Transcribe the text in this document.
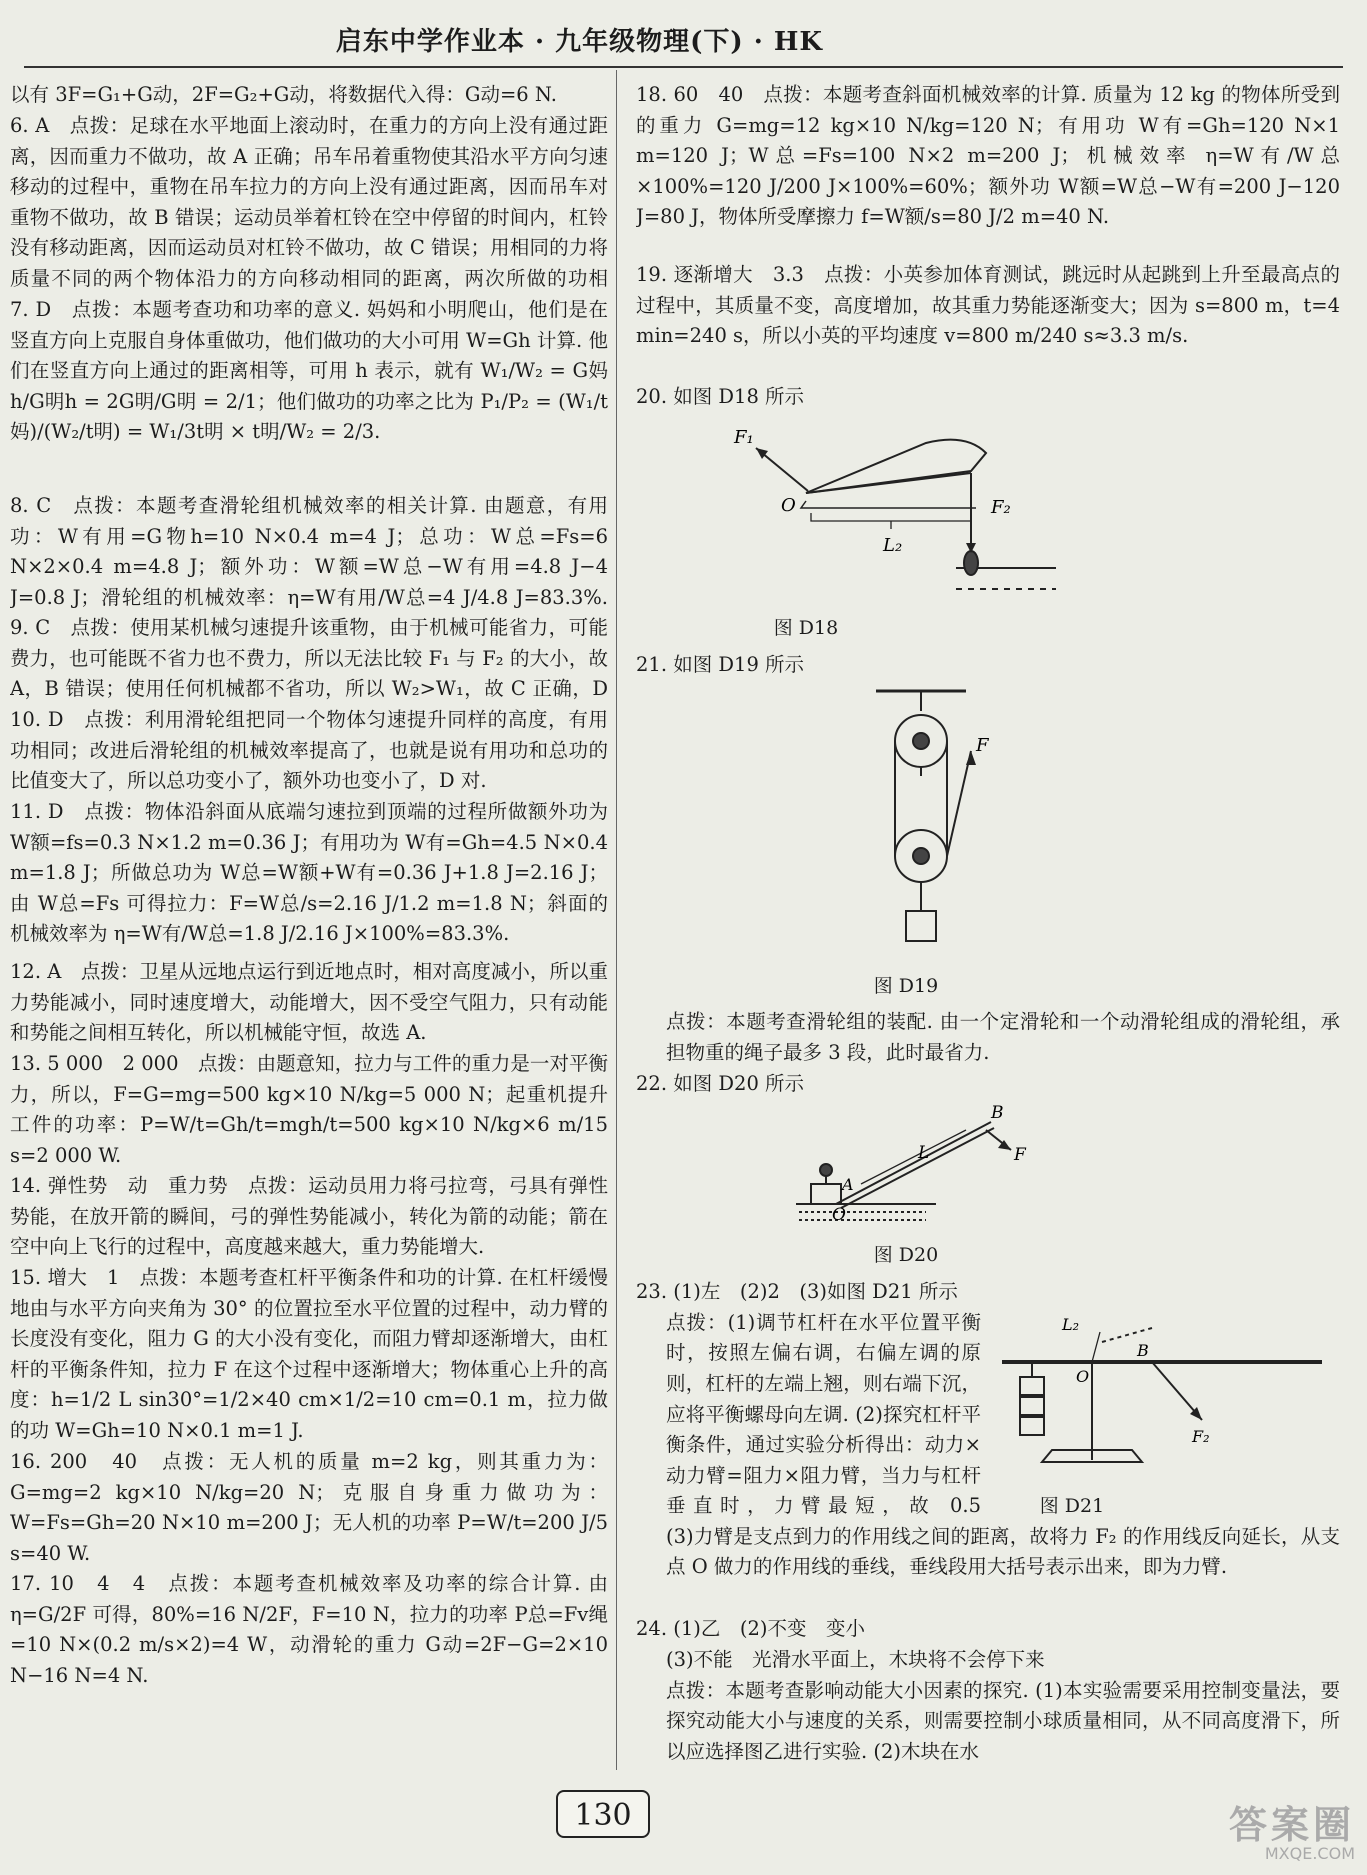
启东中学作业本 · 九年级物理(下) · HK
以有 3F=G₁+G动，2F=G₂+G动，将数据代入得：G动=6 N.
6. A　点拨：足球在水平地面上滚动时，在重力的方向上没有通过距离，因而重力不做功，故 A 正确；吊车吊着重物使其沿水平方向匀速移动的过程中，重物在吊车拉力的方向上没有通过距离，因而吊车对重物不做功，故 B 错误；运动员举着杠铃在空中停留的时间内，杠铃没有移动距离，因而运动员对杠铃不做功，故 C 错误；用相同的力将质量不同的两个物体沿力的方向移动相同的距离，两次所做的功相
7. D　点拨：本题考查功和功率的意义. 妈妈和小明爬山，他们是在竖直方向上克服自身体重做功，他们做功的大小可用 W=Gh 计算. 他们在竖直方向上通过的距离相等，可用 h 表示，就有 W₁/W₂ = G妈h/G明h = 2G明/G明 = 2/1；他们做功的功率之比为 P₁/P₂ = (W₁/t妈)/(W₂/t明) = W₁/3t明 × t明/W₂ = 2/3.
8. C　点拨：本题考查滑轮组机械效率的相关计算. 由题意，有用功：W有用=G物h=10 N×0.4 m=4 J；总功：W总=Fs=6 N×2×0.4 m=4.8 J；额外功：W额=W总−W有用=4.8 J−4 J=0.8 J；滑轮组的机械效率：η=W有用/W总=4 J/4.8 J=83.3%.
9. C　点拨：使用某机械匀速提升该重物，由于机械可能省力，可能费力，也可能既不省力也不费力，所以无法比较 F₁ 与 F₂ 的大小，故 A，B 错误；使用任何机械都不省功，所以 W₂>W₁，故 C 正确，D
10. D　点拨：利用滑轮组把同一个物体匀速提升同样的高度，有用功相同；改进后滑轮组的机械效率提高了，也就是说有用功和总功的比值变大了，所以总功变小了，额外功也变小了，D 对.
11. D　点拨：物体沿斜面从底端匀速拉到顶端的过程所做额外功为 W额=fs=0.3 N×1.2 m=0.36 J；有用功为 W有=Gh=4.5 N×0.4 m=1.8 J；所做总功为 W总=W额+W有=0.36 J+1.8 J=2.16 J；由 W总=Fs 可得拉力：F=W总/s=2.16 J/1.2 m=1.8 N；斜面的机械效率为 η=W有/W总=1.8 J/2.16 J×100%=83.3%.
12. A　点拨：卫星从远地点运行到近地点时，相对高度减小，所以重力势能减小，同时速度增大，动能增大，因不受空气阻力，只有动能和势能之间相互转化，所以机械能守恒，故选 A.
13. 5 000　2 000　点拨：由题意知，拉力与工件的重力是一对平衡力，所以，F=G=mg=500 kg×10 N/kg=5 000 N；起重机提升工件的功率：P=W/t=Gh/t=mgh/t=500 kg×10 N/kg×6 m/15 s=2 000 W.
14. 弹性势　动　重力势　点拨：运动员用力将弓拉弯，弓具有弹性势能，在放开箭的瞬间，弓的弹性势能减小，转化为箭的动能；箭在空中向上飞行的过程中，高度越来越大，重力势能增大.
15. 增大　1　点拨：本题考查杠杆平衡条件和功的计算. 在杠杆缓慢地由与水平方向夹角为 30° 的位置拉至水平位置的过程中，动力臂的长度没有变化，阻力 G 的大小没有变化，而阻力臂却逐渐增大，由杠杆的平衡条件知，拉力 F 在这个过程中逐渐增大；物体重心上升的高度：h=1/2 L sin30°=1/2×40 cm×1/2=10 cm=0.1 m，拉力做的功 W=Gh=10 N×0.1 m=1 J.
16. 200　40　点拨：无人机的质量 m=2 kg，则其重力为：G=mg=2 kg×10 N/kg=20 N；克服自身重力做功为：W=Fs=Gh=20 N×10 m=200 J；无人机的功率 P=W/t=200 J/5 s=40 W.
17. 10　4　4　点拨：本题考查机械效率及功率的综合计算. 由 η=G/2F 可得，80%=16 N/2F，F=10 N，拉力的功率 P总=Fv绳=10 N×(0.2 m/s×2)=4 W，动滑轮的重力 G动=2F−G=2×10 N−16 N=4 N.
18. 60　40　点拨：本题考查斜面机械效率的计算. 质量为 12 kg 的物体所受到的重力 G=mg=12 kg×10 N/kg=120 N；有用功 W有=Gh=120 N×1 m=120 J；W总=Fs=100 N×2 m=200 J；机械效率 η=W有/W总×100%=120 J/200 J×100%=60%；额外功 W额=W总−W有=200 J−120 J=80 J，物体所受摩擦力 f=W额/s=80 J/2 m=40 N.
19. 逐渐增大　3.3　点拨：小英参加体育测试，跳远时从起跳到上升至最高点的过程中，其质量不变，高度增加，故其重力势能逐渐变大；因为 s=800 m，t=4 min=240 s，所以小英的平均速度 v=800 m/240 s≈3.3 m/s.
20. 如图 D18 所示
F₁
O	F₂
L₂
图 D18
21. 如图 D19 所示
F
图 D19
点拨：本题考查滑轮组的装配. 由一个定滑轮和一个动滑轮组成的滑轮组，承担物重的绳子最多 3 段，此时最省力.
22. 如图 D20 所示
B
L	F
O
A
图 D20
23. (1)左　(2)2　(3)如图 D21 所示
点拨：(1)调节杠杆在水平位置平衡时，按照左偏右调，右偏左调的原则，杠杆的左端上翘，则右端下沉，应将平衡螺母向左调. (2)探究杠杆平衡条件，通过实验分析得出：动力×动力臂=阻力×阻力臂，当力与杠杆垂直时，力臂最短，故 0.5
L₂
B
O
F₂
图 D21
(3)力臂是支点到力的作用线之间的距离，故将力 F₂ 的作用线反向延长，从支点 O 做力的作用线的垂线，垂线段用大括号表示出来，即为力臂.
24. (1)乙　(2)不变　变小
(3)不能　光滑水平面上，木块将不会停下来
点拨：本题考查影响动能大小因素的探究. (1)本实验需要采用控制变量法，要探究动能大小与速度的关系，则需要控制小球质量相同，从不同高度滑下，所以应选择图乙进行实验. (2)木块在水
130	答案圈
MXQE.COM
